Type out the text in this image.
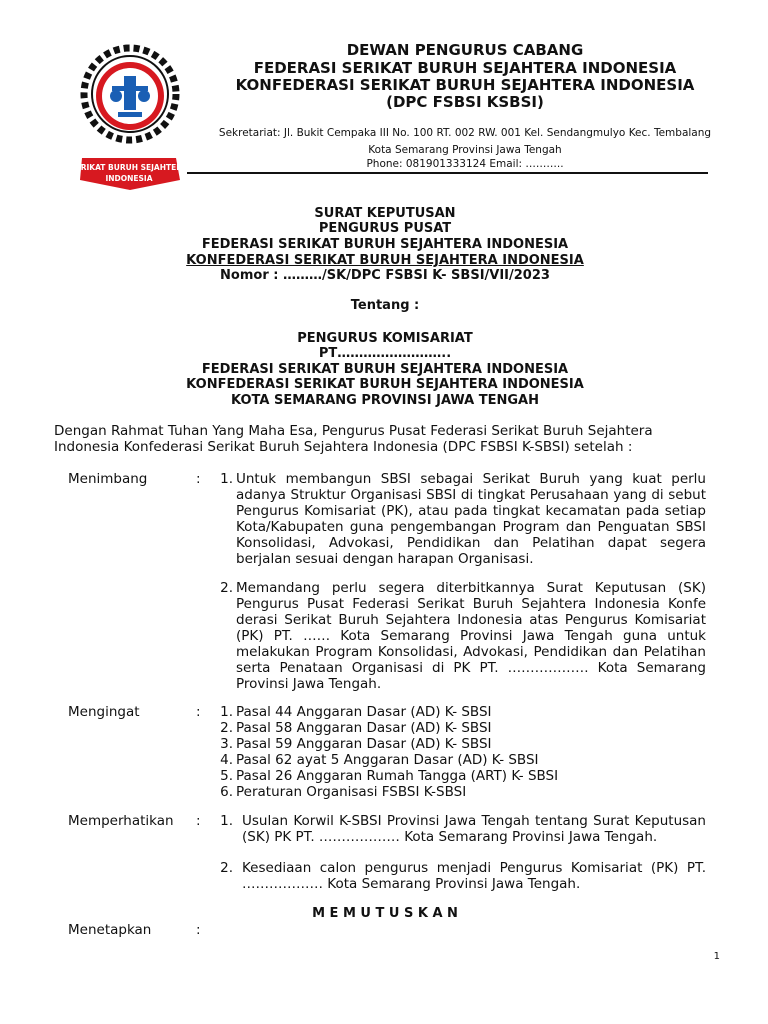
SERIKAT BURUH SEJAHTERA
INDONESIA
DEWAN PENGURUS CABANG
FEDERASI SERIKAT BURUH SEJAHTERA INDONESIA
KONFEDERASI SERIKAT BURUH SEJAHTERA INDONESIA
(DPC FSBSI KSBSI)
Sekretariat: Jl. Bukit Cempaka III No. 100 RT. 002 RW. 001 Kel. Sendangmulyo Kec. Tembalang
Kota Semarang Provinsi Jawa Tengah
Phone: 081901333124 Email: ………..
SURAT KEPUTUSAN
PENGURUS PUSAT
FEDERASI SERIKAT BURUH SEJAHTERA INDONESIA
KONFEDERASI SERIKAT BURUH SEJAHTERA INDONESIA
Nomor : ………/SK/DPC FSBSI K- SBSI/VII/2023
Tentang :
PENGURUS KOMISARIAT
PT……………………..
FEDERASI SERIKAT BURUH SEJAHTERA INDONESIA
KONFEDERASI SERIKAT BURUH SEJAHTERA INDONESIA
KOTA SEMARANG PROVINSI JAWA TENGAH
Dengan Rahmat Tuhan Yang Maha Esa, Pengurus Pusat Federasi Serikat Buruh Sejahtera Indonesia Konfederasi Serikat Buruh Sejahtera Indonesia (DPC FSBSI K-SBSI) setelah :
Menimbang	:	1. Untuk membangun SBSI sebagai Serikat Buruh yang kuat perlu adanya Struktur Organisasi SBSI di tingkat Perusahaan yang di sebut Pengurus Komisariat (PK), atau pada tingkat kecamatan pada setiap Kota/Kabupaten guna pengembangan Program dan Penguatan SBSI Konsolidasi, Advokasi, Pendidikan dan Pelatihan dapat segera berjalan sesuai dengan harapan Organisasi.
2. Memandang perlu segera diterbitkannya Surat Keputusan (SK) Pengurus Pusat Federasi Serikat Buruh Sejahtera Indonesia Konfe derasi Serikat Buruh Sejahtera Indonesia atas Pengurus Komisariat (PK) PT. …… Kota Semarang Provinsi Jawa Tengah guna untuk melakukan Program Konsolidasi, Advokasi, Pendidikan dan Pelatihan serta Penataan Organisasi di PK PT. ……………… Kota Semarang Provinsi Jawa Tengah.
Mengingat	:	1. Pasal 44 Anggaran Dasar (AD) K- SBSI
2. Pasal 58 Anggaran Dasar (AD) K- SBSI
3. Pasal 59 Anggaran Dasar (AD) K- SBSI
4. Pasal 62 ayat 5 Anggaran Dasar (AD) K- SBSI
5. Pasal 26 Anggaran Rumah Tangga (ART) K- SBSI
6. Peraturan Organisasi FSBSI K-SBSI
Memperhatikan :	1. Usulan Korwil K-SBSI Provinsi Jawa Tengah tentang Surat Keputusan (SK) PK PT. ……………… Kota Semarang Provinsi Jawa Tengah.
2. Kesediaan calon pengurus menjadi Pengurus Komisariat (PK) PT. ……………… Kota Semarang Provinsi Jawa Tengah.
M E M U T U S K A N
Menetapkan	:
1
